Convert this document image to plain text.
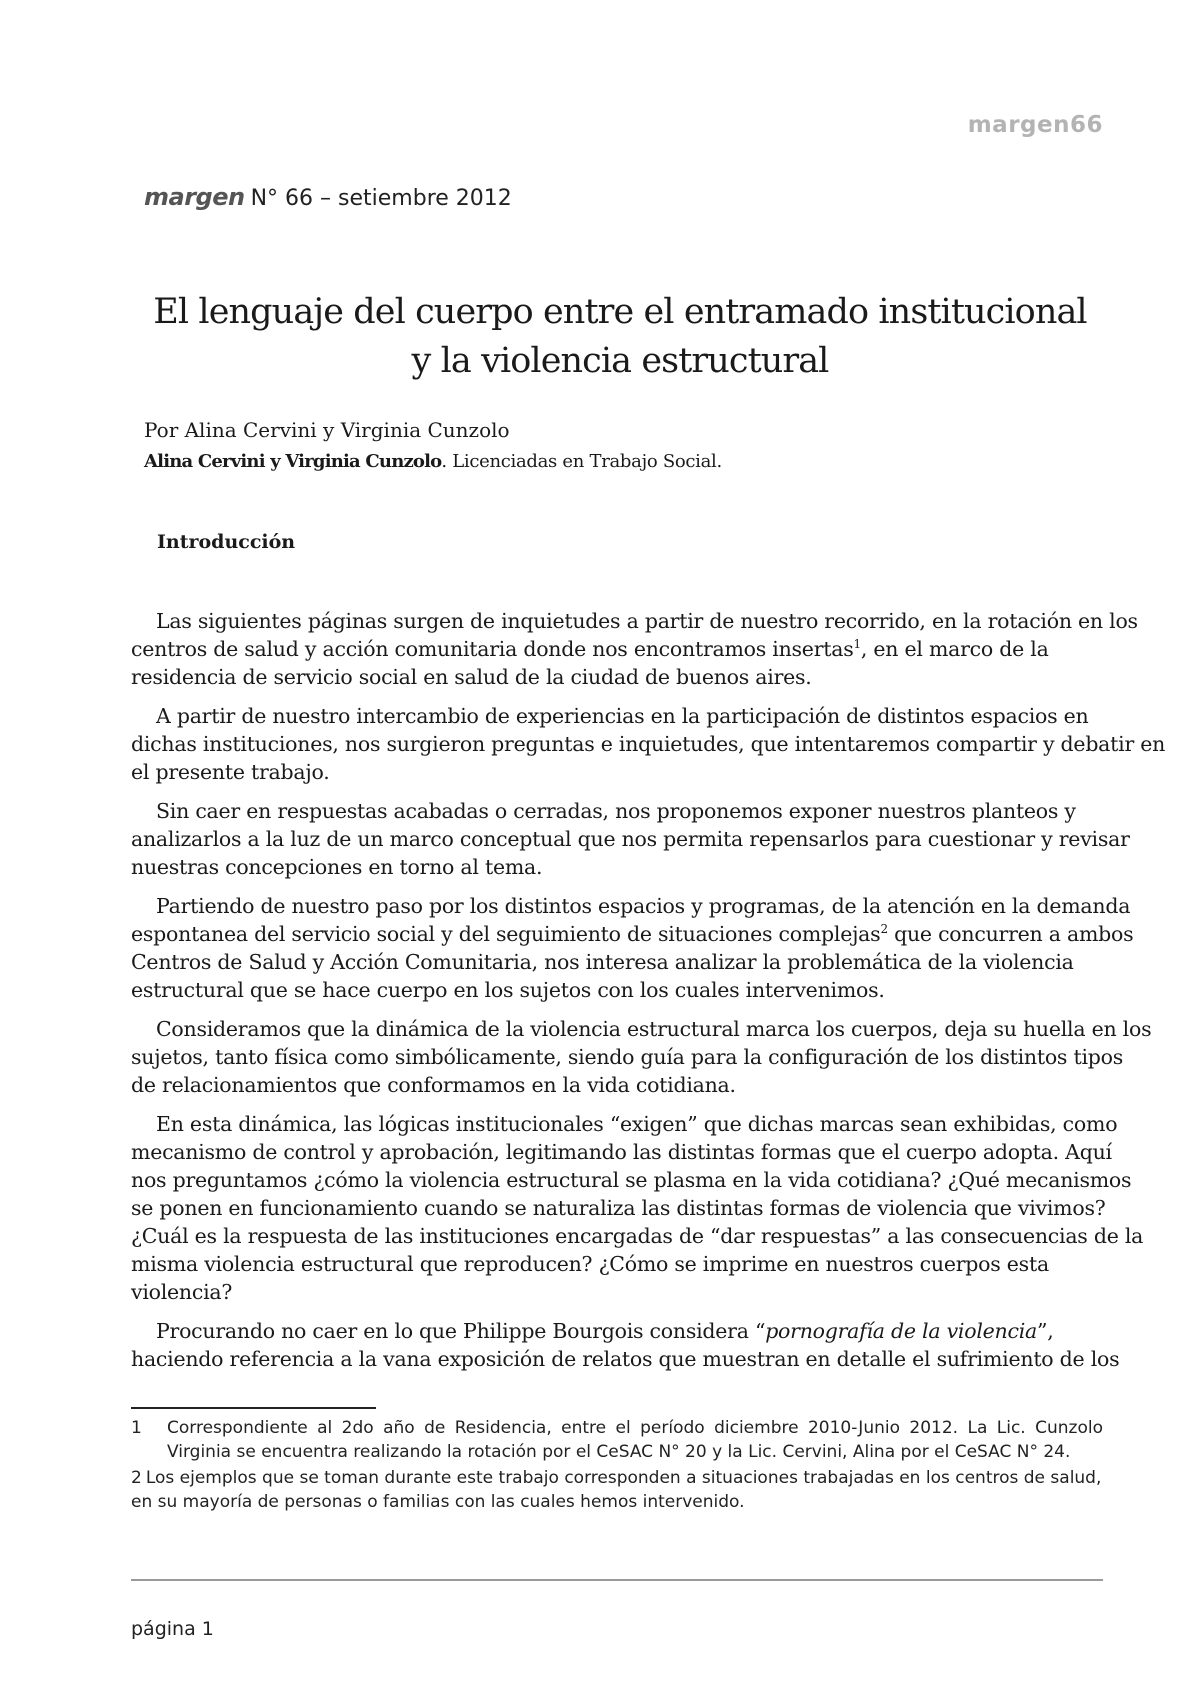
margen66
margen N° 66 – setiembre 2012
El lenguaje del cuerpo entre el entramado institucional
y la violencia estructural
Por Alina Cervini y Virginia Cunzolo
Alina Cervini y Virginia Cunzolo. Licenciadas en Trabajo Social.
Introducción

Las siguientes páginas surgen de inquietudes a partir de nuestro recorrido, en la rotación en los
centros de salud y acción comunitaria donde nos encontramos insertas$^1$, en el marco de la
residencia de servicio social en salud de la ciudad de buenos aires.

A partir de nuestro intercambio de experiencias en la participación de distintos espacios en
dichas instituciones, nos surgieron preguntas e inquietudes, que intentaremos compartir y debatir en
el presente trabajo.

Sin caer en respuestas acabadas o cerradas, nos proponemos exponer nuestros planteos y
analizarlos a la luz de un marco conceptual que nos permita repensarlos para cuestionar y revisar
nuestras concepciones en torno al tema.

Partiendo de nuestro paso por los distintos espacios y programas, de la atención en la demanda
espontanea del servicio social y del seguimiento de situaciones complejas$^2$ que concurren a ambos
Centros de Salud y Acción Comunitaria, nos interesa analizar la problemática de la violencia
estructural que se hace cuerpo en los sujetos con los cuales intervenimos.

Consideramos que la dinámica de la violencia estructural marca los cuerpos, deja su huella en los
sujetos, tanto física como simbólicamente, siendo guía para la configuración de los distintos tipos
de relacionamientos que conformamos en la vida cotidiana.

En esta dinámica, las lógicas institucionales “exigen” que dichas marcas sean exhibidas, como
mecanismo de control y aprobación, legitimando las distintas formas que el cuerpo adopta. Aquí
nos preguntamos ¿cómo la violencia estructural se plasma en la vida cotidiana? ¿Qué mecanismos
se ponen en funcionamiento cuando se naturaliza las distintas formas de violencia que vivimos?
¿Cuál es la respuesta de las instituciones encargadas de “dar respuestas” a las consecuencias de la
misma violencia estructural que reproducen? ¿Cómo se imprime en nuestros cuerpos esta
violencia?

Procurando no caer en lo que Philippe Bourgois considera “pornografía de la violencia”,
haciendo referencia a la vana exposición de relatos que muestran en detalle el sufrimiento de los

1	Correspondiente al 2do año de Residencia, entre el período diciembre 2010-Junio 2012. La Lic. Cunzolo Virginia se encuentra realizando la rotación por el CeSAC N° 20 y la Lic. Cervini, Alina por el CeSAC N° 24.
2 Los ejemplos que se toman durante este trabajo corresponden a situaciones trabajadas en los centros de salud, en su mayoría de personas o familias con las cuales hemos intervenido.
página 1
